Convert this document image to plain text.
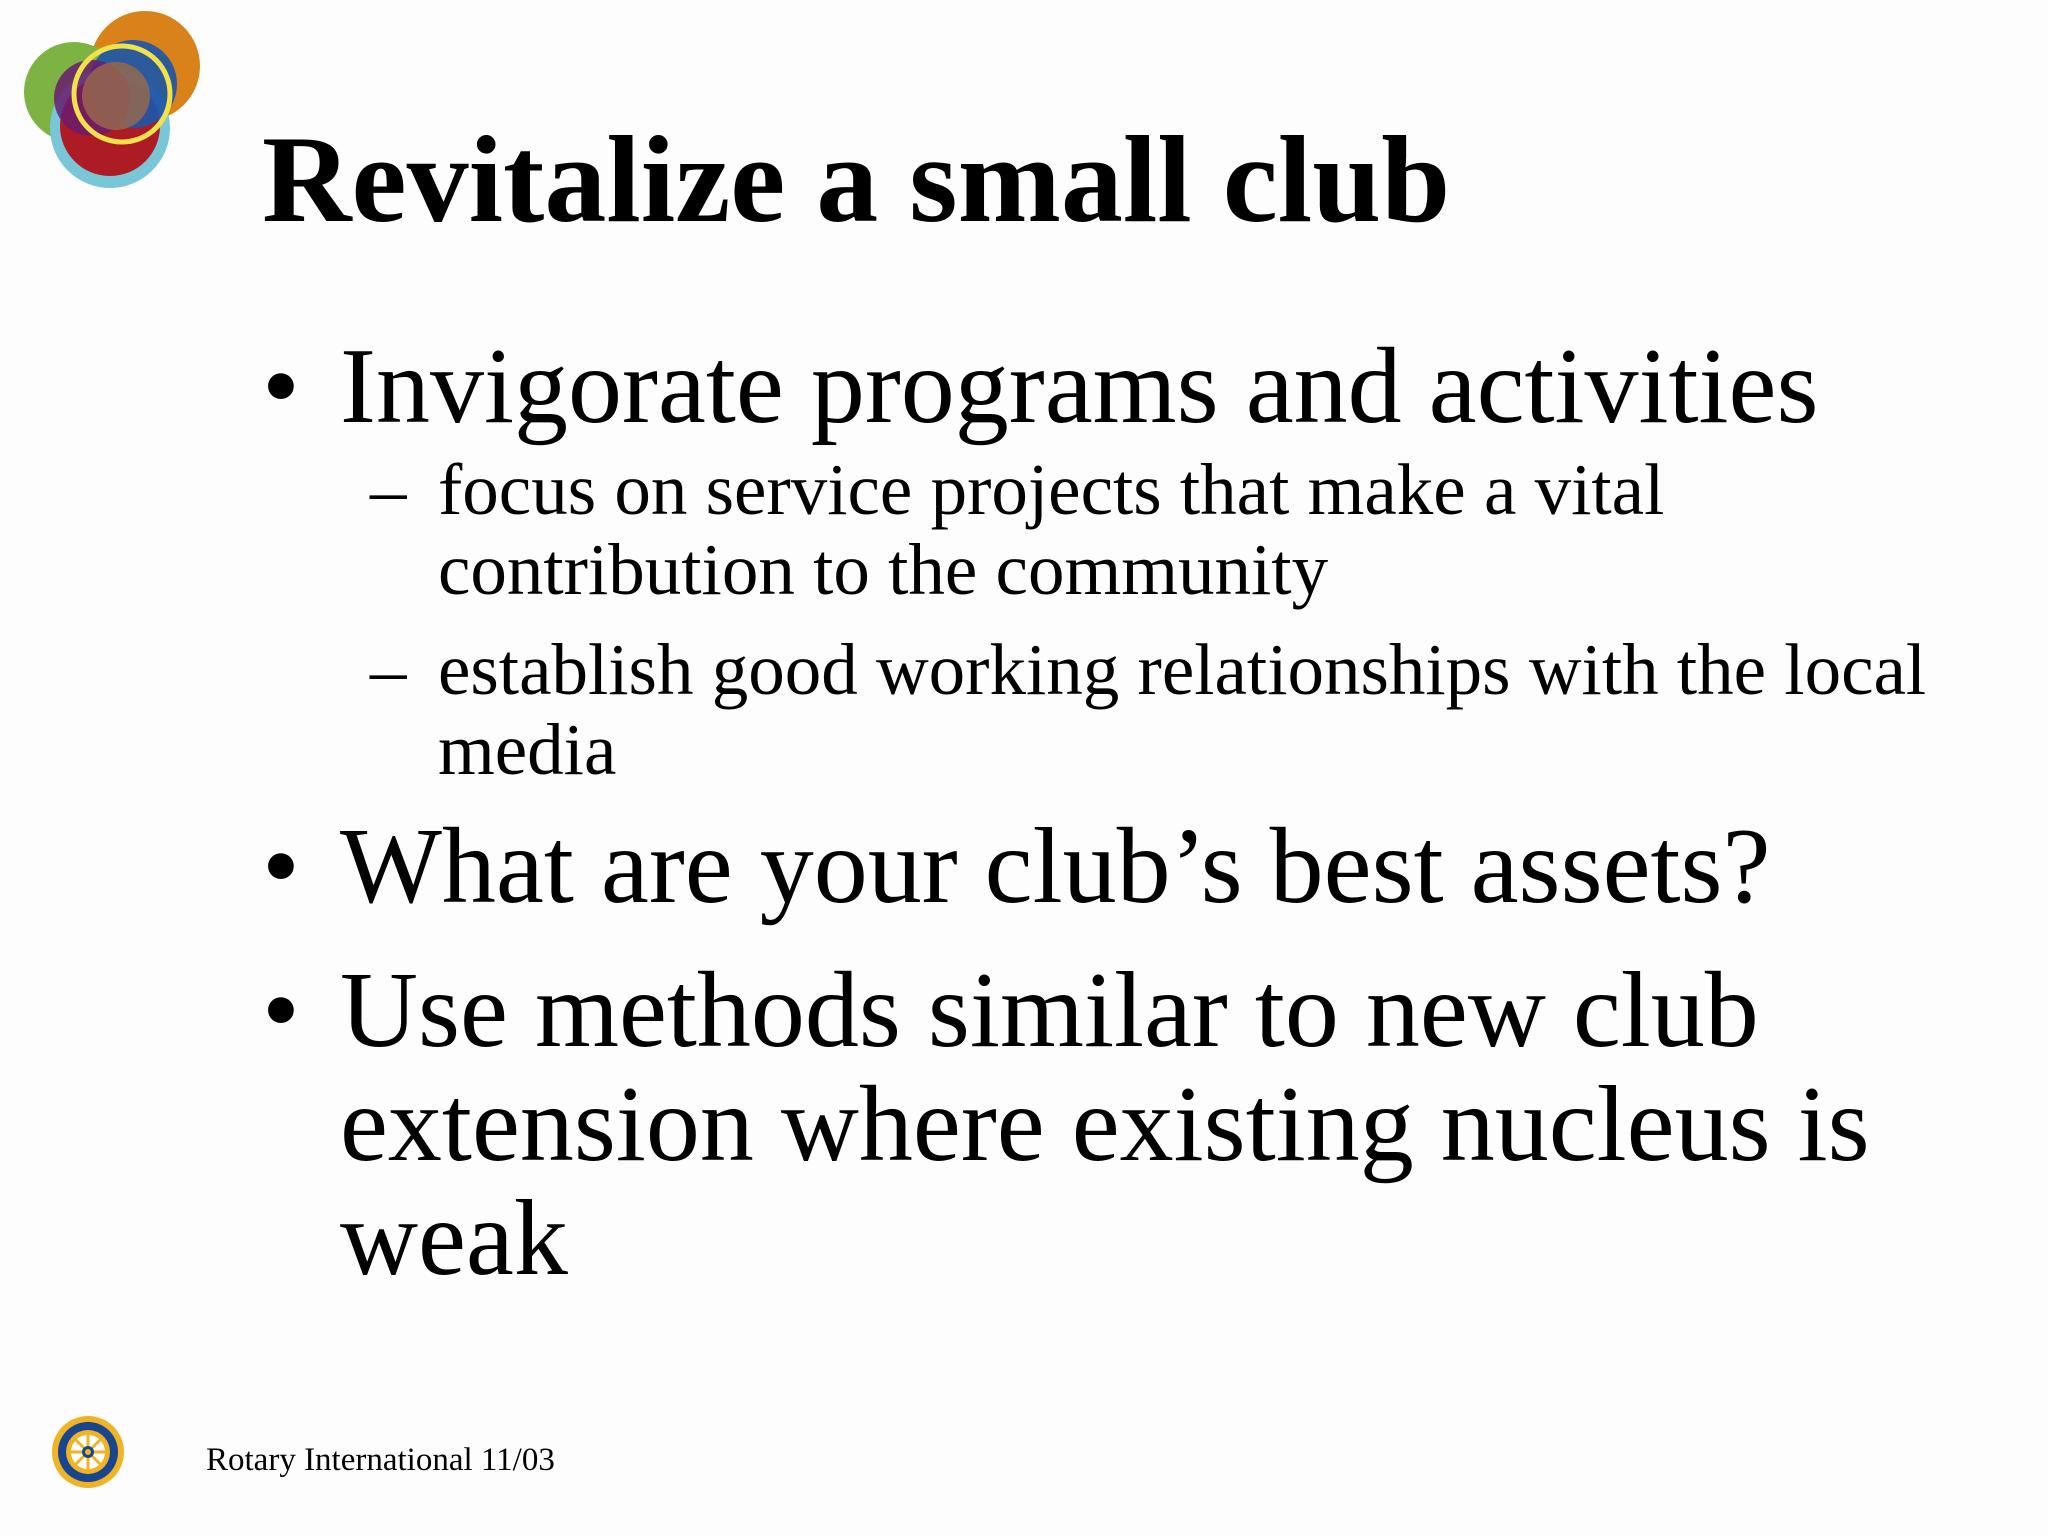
Revitalize a small club
• Invigorate programs and activities
– focus on service projects that make a vital contribution to the community
– establish good working relationships with the local media
• What are your club’s best assets?
• Use methods similar to new club extension where existing nucleus is weak
Rotary International 11/03
